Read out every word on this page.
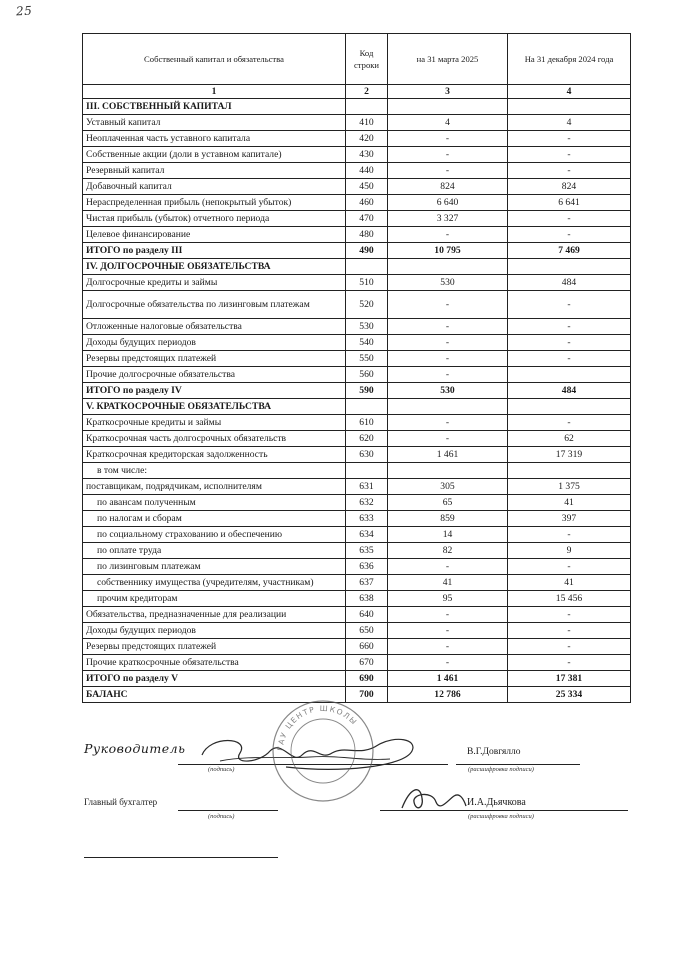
25
Собственный капитал и обязательства	Код строки	на 31 марта 2025	На 31 декабря 2024 года
1	2	3	4
III. СОБСТВЕННЫЙ КАПИТАЛ			
Уставный капитал	410	4	4
Неоплаченная часть уставного капитала	420	-	-
Собственные акции (доли в уставном капитале)	430	-	-
Резервный капитал	440	-	-
Добавочный капитал	450	824	824
Нераспределенная прибыль (непокрытый убыток)	460	6 640	6 641
Чистая прибыль (убыток) отчетного периода	470	3 327	-
Целевое финансирование	480	-	-
ИТОГО по разделу III	490	10 795	7 469
IV. ДОЛГОСРОЧНЫЕ ОБЯЗАТЕЛЬСТВА			
Долгосрочные кредиты и займы	510	530	484
Долгосрочные обязательства по лизинговым платежам	520	-	-
Отложенные налоговые обязательства	530	-	-
Доходы будущих периодов	540	-	-
Резервы предстоящих платежей	550	-	-
Прочие долгосрочные обязательства	560	-	
ИТОГО по разделу IV	590	530	484
V. КРАТКОСРОЧНЫЕ ОБЯЗАТЕЛЬСТВА			
Краткосрочные кредиты и займы	610	-	-
Краткосрочная часть долгосрочных обязательств	620	-	62
Краткосрочная кредиторская задолженность	630	1 461	17 319
в том числе:			
поставщикам, подрядчикам, исполнителям	631	305	1 375
по авансам полученным	632	65	41
по налогам и сборам	633	859	397
по социальному страхованию и обеспечению	634	14	-
по оплате труда	635	82	9
по лизинговым платежам	636	-	-
собственнику имущества (учредителям, участникам)	637	41	41
прочим кредиторам	638	95	15 456
Обязательства, предназначенные для реализации	640	-	-
Доходы будущих периодов	650	-	-
Резервы предстоящих платежей	660	-	-
Прочие краткосрочные обязательства	670	-	-
ИТОГО по разделу V	690	1 461	17 381
БАЛАНС	700	12 786	25 334
Руководитель
(подпись)
В.Г.Довгялло
(расшифровка подписи)
Главный бухгалтер
(подпись)
И.А.Дьячкова
(расшифровка подписи)
ГАУ ЦЕНТР ШКОЛЫ
